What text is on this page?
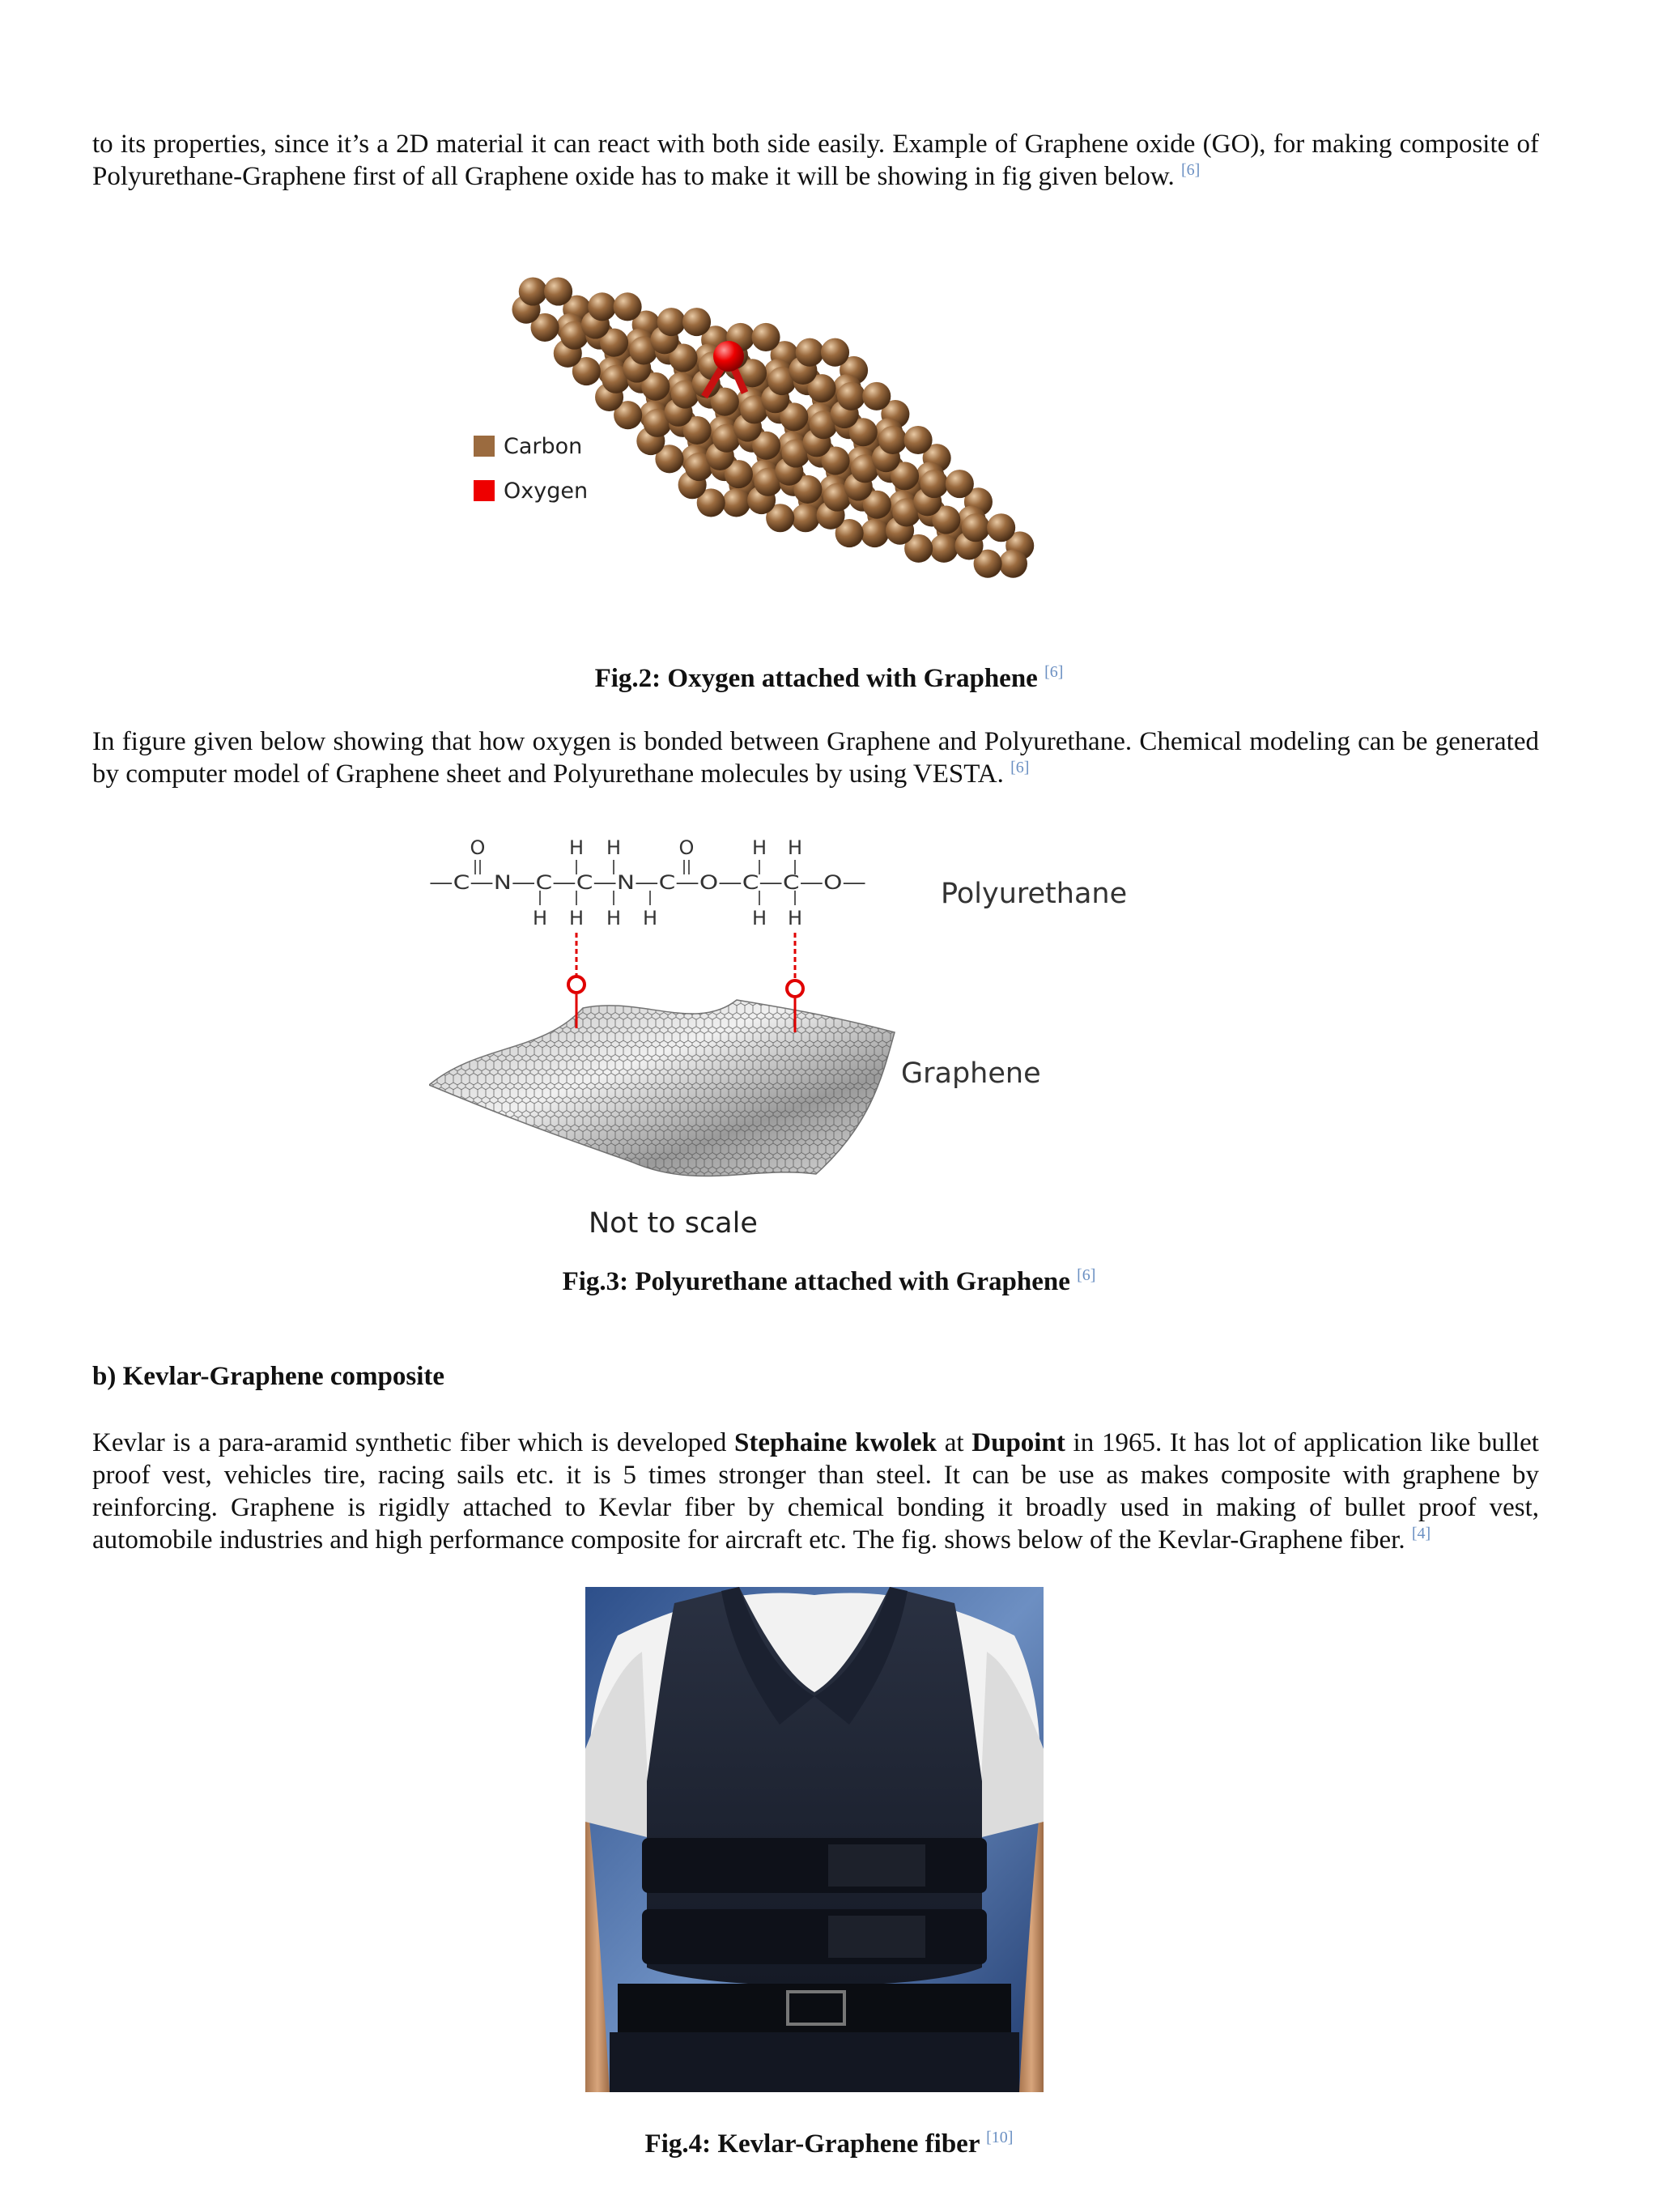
to its properties, since it’s a 2D material it can react with both side easily. Example of Graphene oxide (GO), for making composite of Polyurethane-Graphene first of all Graphene oxide has to make it will be showing in fig given below. [6]
Carbon
Oxygen
Fig.2: Oxygen attached with Graphene [6]
In figure given below showing that how oxygen is bonded between Graphene and Polyurethane. Chemical modeling can be generated by computer model of Graphene sheet and Polyurethane molecules by using VESTA. [6]
O	H H	O	H H
—C—N—C—C—N—C—O—C—C—O—
H H H H	H H
Polyurethane
Graphene
Not to scale
Fig.3: Polyurethane attached with Graphene [6]
b) Kevlar-Graphene composite
Kevlar is a para-aramid synthetic fiber which is developed Stephaine kwolek at Dupoint in 1965. It has lot of application like bullet proof vest, vehicles tire, racing sails etc. it is 5 times stronger than steel. It can be use as makes composite with graphene by reinforcing. Graphene is rigidly attached to Kevlar fiber by chemical bonding it broadly used in making of bullet proof vest, automobile industries and high performance composite for aircraft etc. The fig. shows below of the Kevlar-Graphene fiber. [4]
Fig.4: Kevlar-Graphene fiber [10]
